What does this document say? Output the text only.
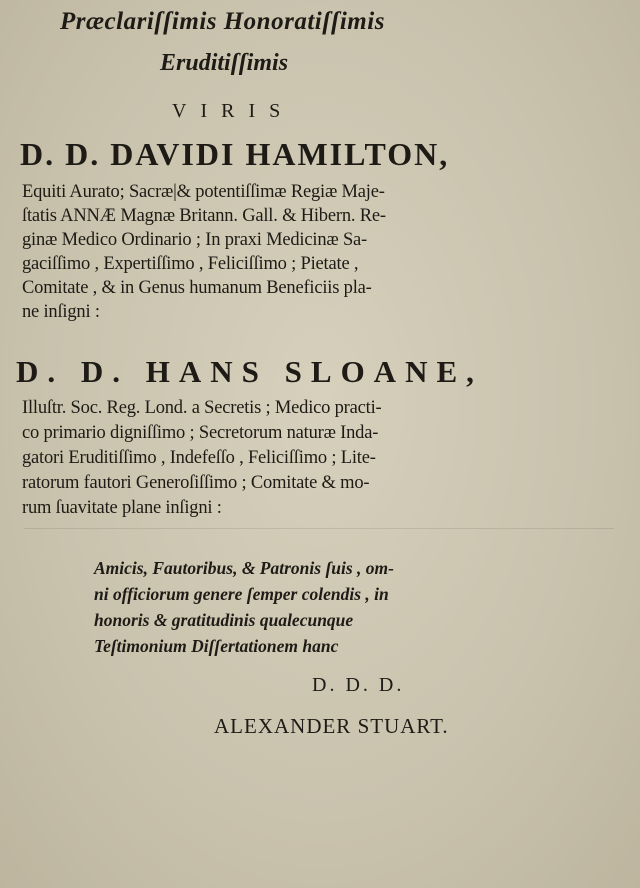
Præclariſſimis Honoratiſſimis
Eruditiſſimis
VIRIS
D. D. DAVIDI HAMILTON,
Equiti Aurato; Sacræ|& potentiſſimæ Regiæ Maje-
ſtatis ANNÆ Magnæ Britann. Gall. & Hibern. Re-
ginæ Medico Ordinario ; In praxi Medicinæ Sa-
gaciſſimo , Expertiſſimo , Feliciſſimo ; Pietate ,
Comitate , & in Genus humanum Beneficiis pla-
ne inſigni :
D. D. HANS SLOANE,
Illuſtr. Soc. Reg. Lond. a Secretis ; Medico practi-
co primario digniſſimo ; Secretorum naturæ Inda-
gatori Eruditiſſimo , Indefeſſo , Feliciſſimo ; Lite-
ratorum fautori Generoſiſſimo ; Comitate & mo-
rum ſuavitate plane inſigni :
Amicis, Fautoribus, & Patronis ſuis , om-
ni officiorum genere ſemper colendis , in
honoris & gratitudinis qualecunque
Teſtimonium Diſſertationem hanc
D. D. D.
ALEXANDER STUART.
